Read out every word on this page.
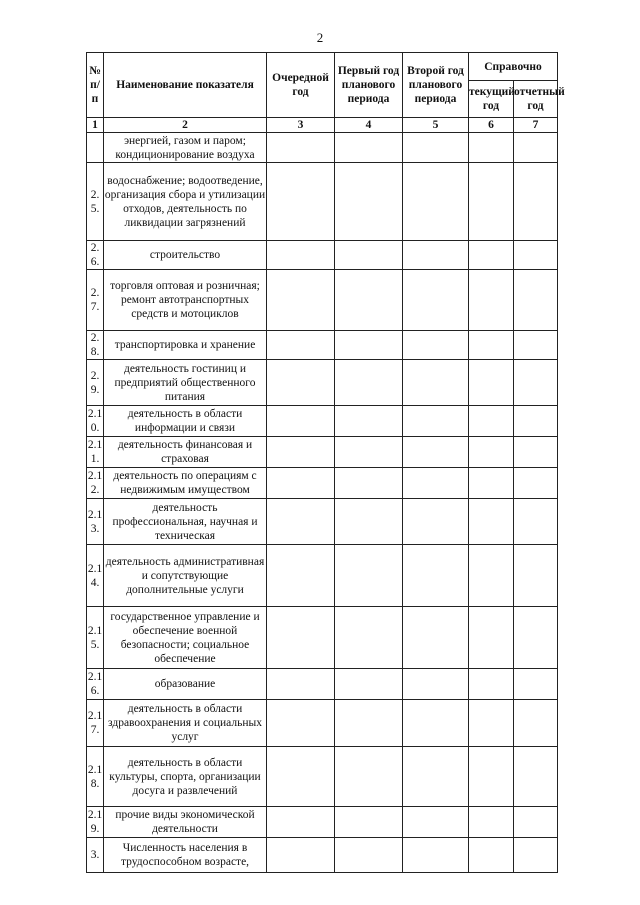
2
№ п/п	Наименование показателя	Очередной год	Первый год планового периода	Второй год планового периода	Справочно	
					текущий год	отчетный год
1	2	3	4	5	6	7
	энергией, газом и паром; кондиционирование воздуха					
2.5.	водоснабжение; водоотведение, организация сбора и утилизации отходов, деятельность по ликвидации загрязнений					
2.6.	строительство					
2.7.	торговля оптовая и розничная; ремонт автотранспортных средств и мотоциклов					
2.8.	транспортировка и хранение					
2.9.	деятельность гостиниц и предприятий общественного питания					
2.10.	деятельность в области информации и связи					
2.11.	деятельность финансовая и страховая					
2.12.	деятельность по операциям с недвижимым имуществом					
2.13.	деятельность профессиональная, научная и техническая					
2.14.	деятельность административная и сопутствующие дополнительные услуги					
2.15.	государственное управление и обеспечение военной безопасности; социальное обеспечение					
2.16.	образование					
2.17.	деятельность в области здравоохранения и социальных услуг					
2.18.	деятельность в области культуры, спорта, организации досуга и развлечений					
2.19.	прочие виды экономической деятельности					
3.	Численность населения в трудоспособном возрасте,					
